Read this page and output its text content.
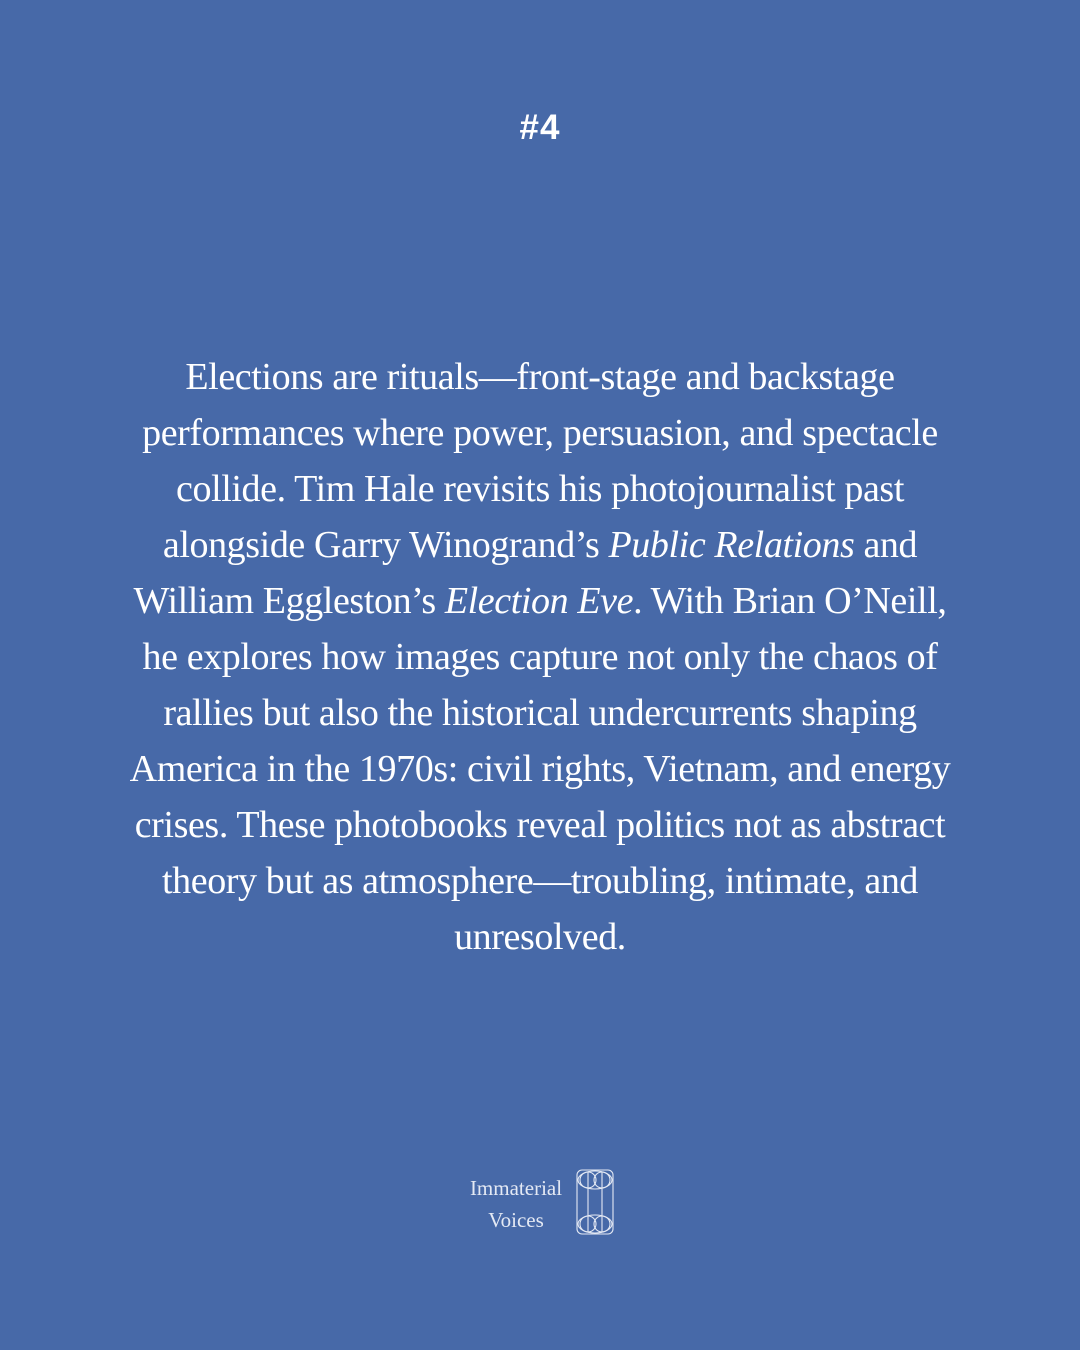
#4
Elections are rituals—front-stage and backstage
performances where power, persuasion, and spectacle
collide. Tim Hale revisits his photojournalist past
alongside Garry Winogrand’s Public Relations and
William Eggleston’s Election Eve. With Brian O’Neill,
he explores how images capture not only the chaos of
rallies but also the historical undercurrents shaping
America in the 1970s: civil rights, Vietnam, and energy
crises. These photobooks reveal politics not as abstract
theory but as atmosphere—troubling, intimate, and
unresolved.
Immaterial
Voices
